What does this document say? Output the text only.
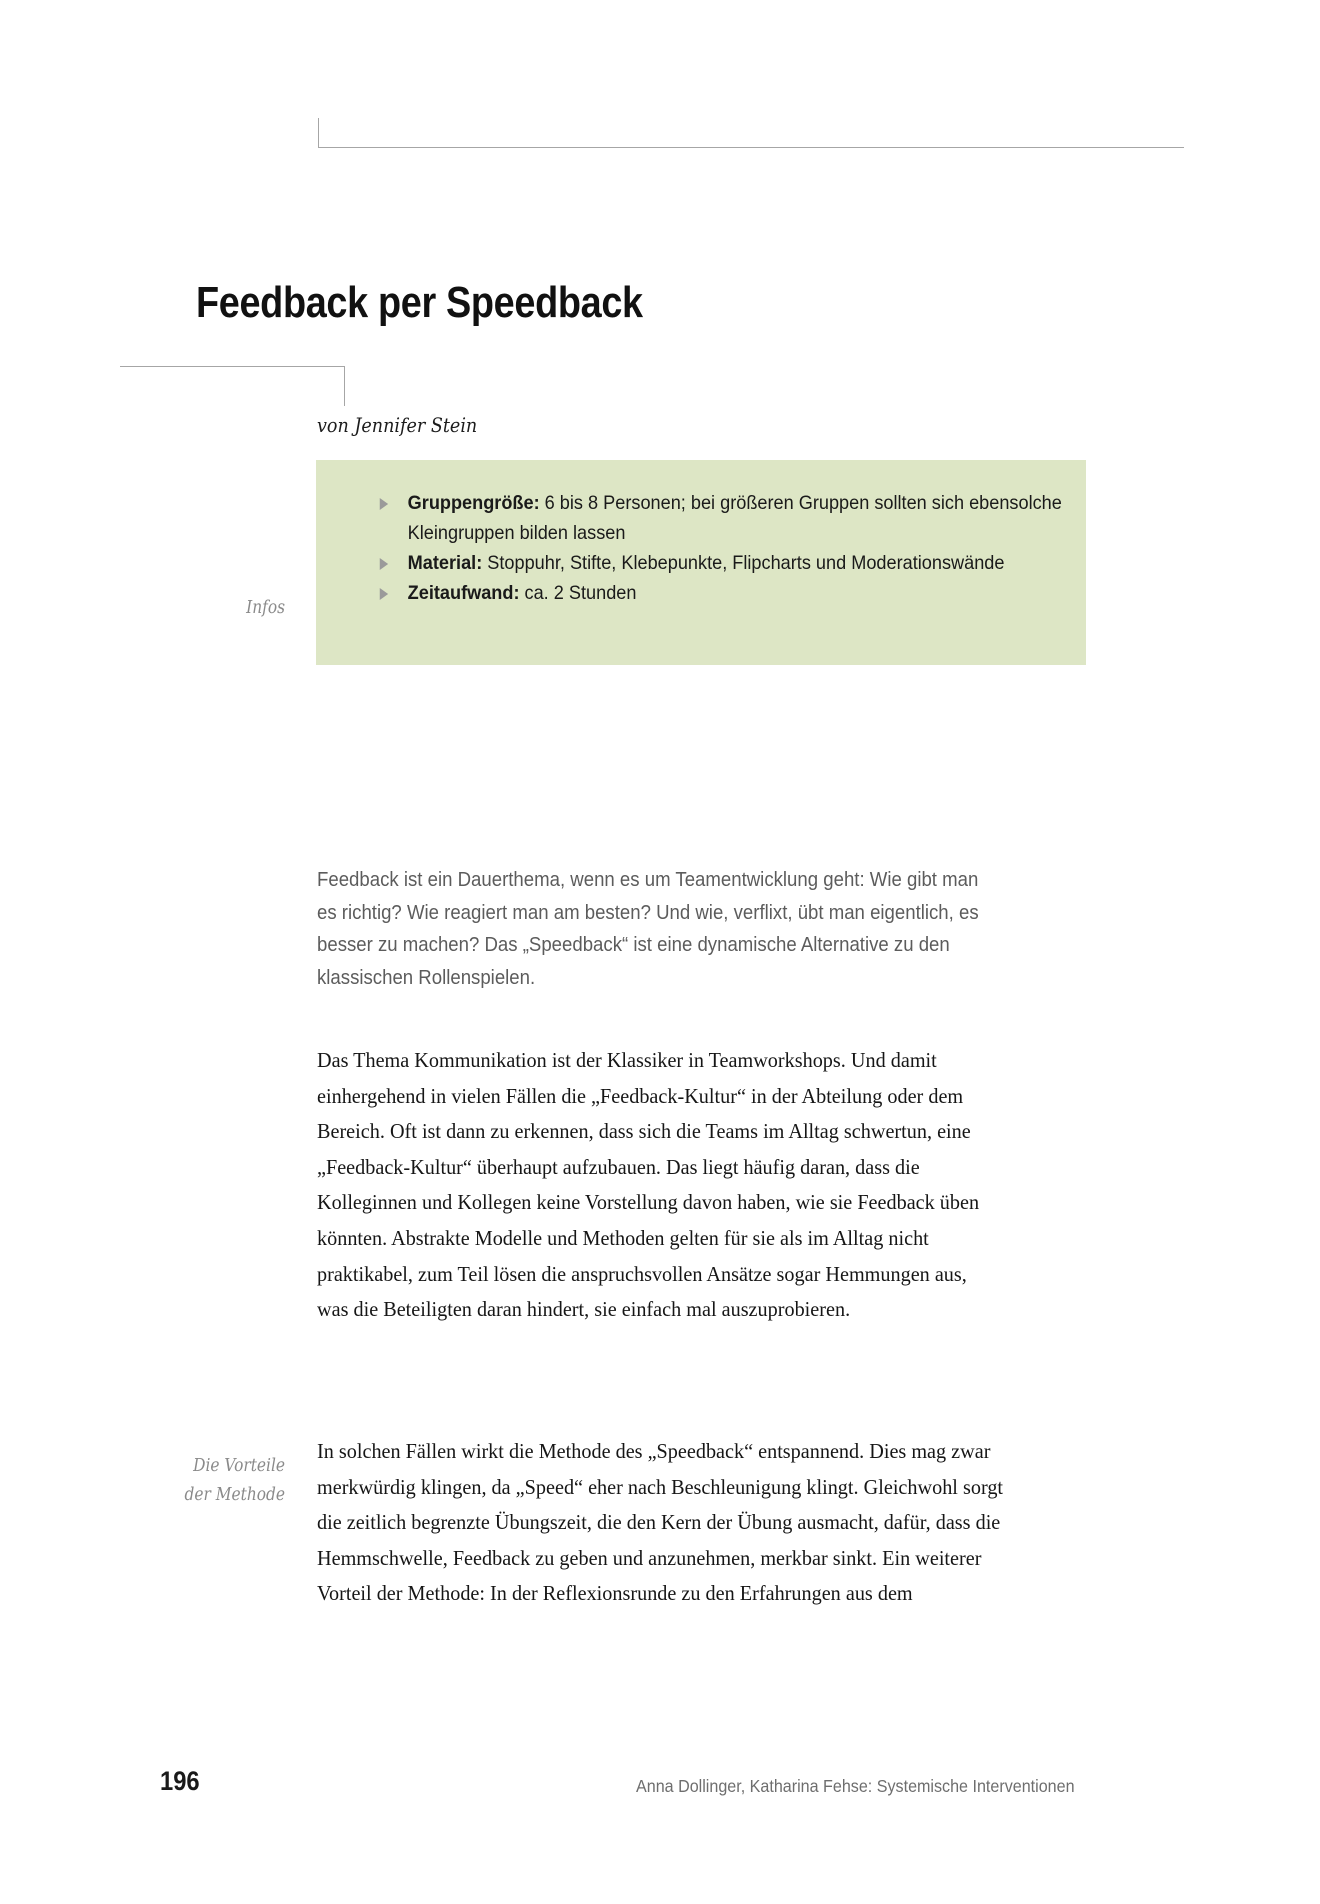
Feedback per Speedback
von Jennifer Stein
Infos
Gruppengröße: 6 bis 8 Personen; bei größeren Gruppen sollten sich ebensolche Kleingruppen bilden lassen
Material: Stoppuhr, Stifte, Klebepunkte, Flipcharts und Moderationswände
Zeitaufwand: ca. 2 Stunden
Feedback ist ein Dauerthema, wenn es um Teamentwicklung geht: Wie gibt man es richtig? Wie reagiert man am besten? Und wie, verflixt, übt man eigentlich, es besser zu machen? Das „Speedback“ ist eine dynamische Alternative zu den klassischen Rollenspielen.

Das Thema Kommunikation ist der Klassiker in Teamworkshops. Und damit einhergehend in vielen Fällen die „Feedback-Kultur“ in der Abteilung oder dem Bereich. Oft ist dann zu erkennen, dass sich die Teams im Alltag schwertun, eine „Feedback-Kultur“ überhaupt aufzubauen. Das liegt häufig daran, dass die Kolleginnen und Kollegen keine Vorstellung davon haben, wie sie Feedback üben könnten. Abstrakte Modelle und Methoden gelten für sie als im Alltag nicht praktikabel, zum Teil lösen die anspruchsvollen Ansätze sogar Hemmungen aus, was die Beteiligten daran hindert, sie einfach mal auszuprobieren.

Die Vorteile
der Methode

In solchen Fällen wirkt die Methode des „Speedback“ entspannend. Dies mag zwar merkwürdig klingen, da „Speed“ eher nach Beschleunigung klingt. Gleichwohl sorgt die zeitlich begrenzte Übungszeit, die den Kern der Übung ausmacht, dafür, dass die Hemmschwelle, Feedback zu geben und anzunehmen, merkbar sinkt. Ein weiterer Vorteil der Methode: In der Reflexionsrunde zu den Erfahrungen aus dem

196	Anna Dollinger, Katharina Fehse: Systemische Interventionen
